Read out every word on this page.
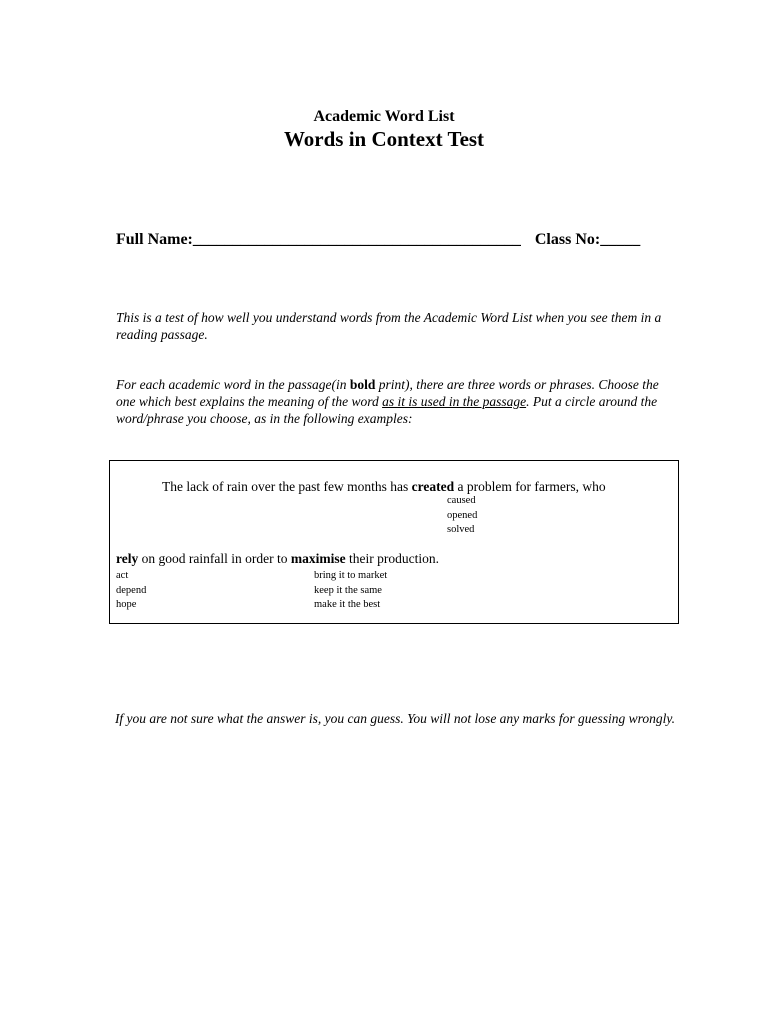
Academic Word List
Words in Context Test
Full Name:_________________________________________ Class No:_____
This is a test of how well you understand words from the Academic Word List when you see them in a reading passage.
For each academic word in the passage(in bold print), there are three words or phrases. Choose the one which best explains the meaning of the word as it is used in the passage. Put a circle around the word/phrase you choose, as in the following examples:
The lack of rain over the past few months has created a problem for farmers, who
caused
opened
solved
rely on good rainfall in order to maximise their production.
act
depend
hope
bring it to market
keep it the same
make it the best
If you are not sure what the answer is, you can guess. You will not lose any marks for guessing wrongly.
